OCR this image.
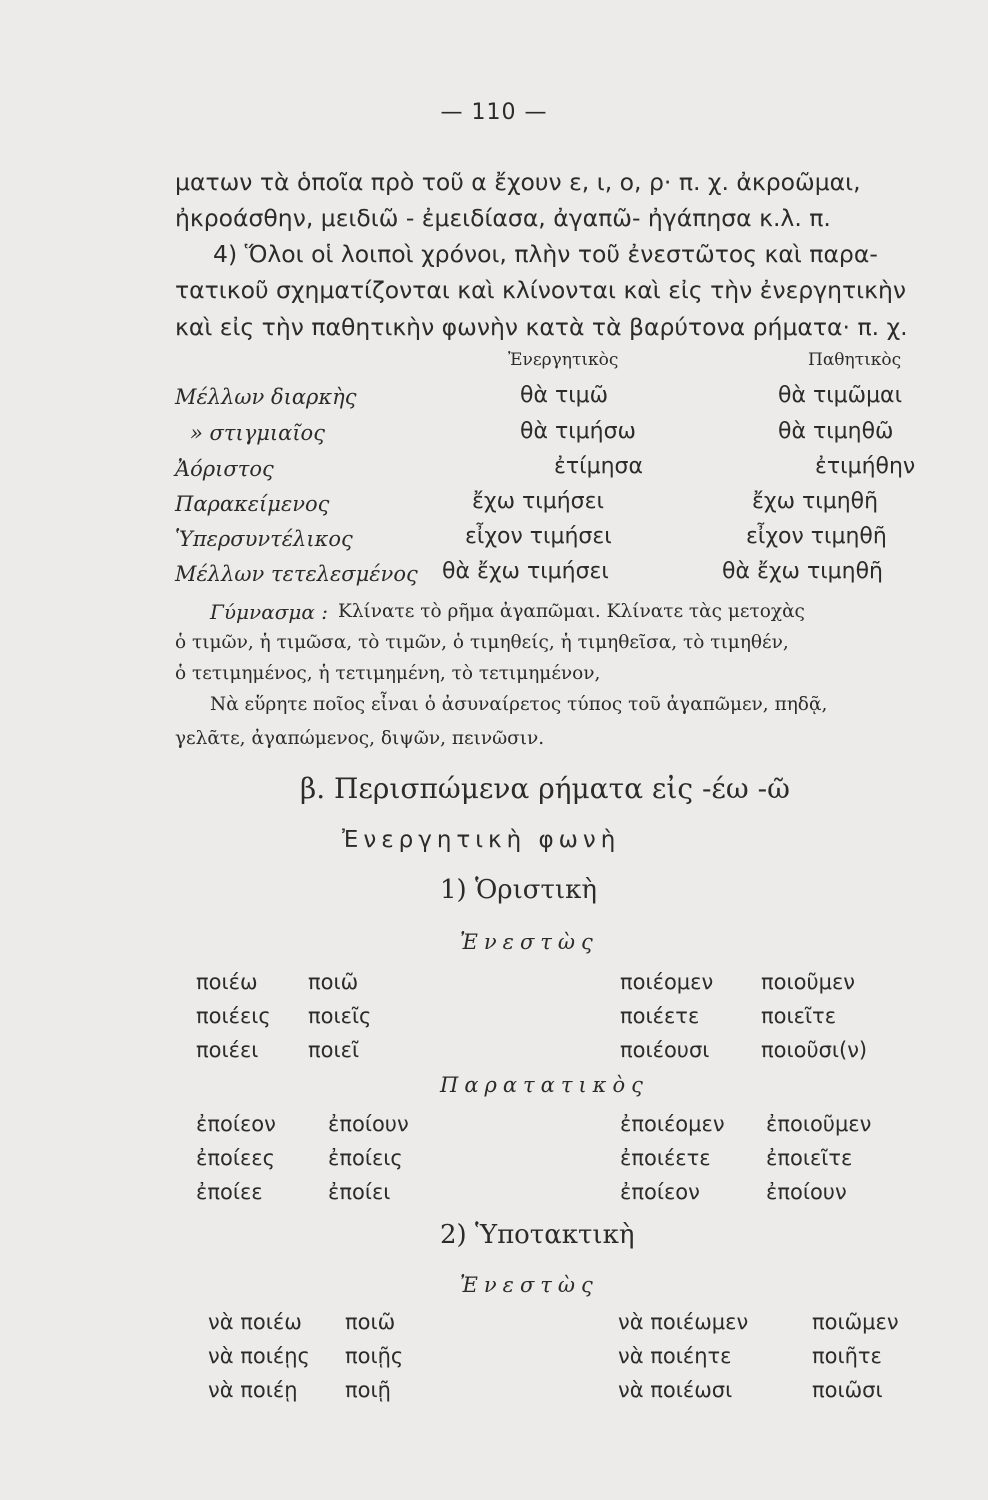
— 110 —
ματων τὰ ὁποῖα πρὸ τοῦ α ἔχουν ε, ι, ο, ρ· π. χ. ἀκροῶμαι,
ἠκροάσθην, μειδιῶ - ἐμειδίασα, ἀγαπῶ- ἠγάπησα κ.λ. π.
4) Ὅλοι οἱ λοιποὶ χρόνοι, πλὴν τοῦ ἐνεστῶτος καὶ παρα-
τατικοῦ σχηματίζονται καὶ κλίνονται καὶ εἰς τὴν ἐνεργητικὴν
καὶ εἰς τὴν παθητικὴν φωνὴν κατὰ τὰ βαρύτονα ρήματα· π. χ.
Ἐνεργητικὸς	Παθητικὸς
Μέλλων διαρκὴς	θὰ τιμῶ	θὰ τιμῶμαι
» στιγμιαῖος	θὰ τιμήσω	θὰ τιμηθῶ
Ἀόριστος	ἐτίμησα	ἐτιμήθην
Παρακείμενος	ἔχω τιμήσει	ἔχω τιμηθῆ
Ὑπερσυντέλικος	εἶχον τιμήσει	εἶχον τιμηθῆ
Μέλλων τετελεσμένος θὰ ἔχω τιμήσει	θὰ ἔχω τιμηθῆ
Γύμνασμα : Κλίνατε τὸ ρῆμα ἀγαπῶμαι. Κλίνατε τὰς μετοχὰς
ὁ τιμῶν, ἡ τιμῶσα, τὸ τιμῶν, ὁ τιμηθείς, ἡ τιμηθεῖσα, τὸ τιμηθέν,
ὁ τετιμημένος, ἡ τετιμημένη, τὸ τετιμημένον,
Νὰ εὕρητε ποῖος εἶναι ὁ ἀσυναίρετος τύπος τοῦ ἀγαπῶμεν, πηδᾷ,
γελᾶτε, ἀγαπώμενος, διψῶν, πεινῶσιν.
β. Περισπώμενα ρήματα εἰς -έω -ῶ
Ἐνεργητικὴ φωνὴ
1) Ὁριστικὴ
Ἐνεστὼς
ποιέω ποιῶ	ποιέομεν ποιοῦμεν
ποιέεις ποιεῖς	ποιέετε	ποιεῖτε
ποιέει ποιεῖ	ποιέουσι ποιοῦσι(ν)
Παρατατικὸς
ἐποίεον ἐποίουν	ἐποιέομεν ἐποιοῦμεν
ἐποίεες	ἐποίεις	ἐποιέετε	ἐποιεῖτε
ἐποίεε	ἐποίει	ἐποίεον	ἐποίουν
2) Ὑποτακτικὴ
Ἐνεστὼς
νὰ ποιέω ποιῶ	νὰ ποιέωμεν	ποιῶμεν
νὰ ποιέῃς ποιῇς	νὰ ποιέητε	ποιῆτε
νὰ ποιέῃ ποιῇ	νὰ ποιέωσι	ποιῶσι
